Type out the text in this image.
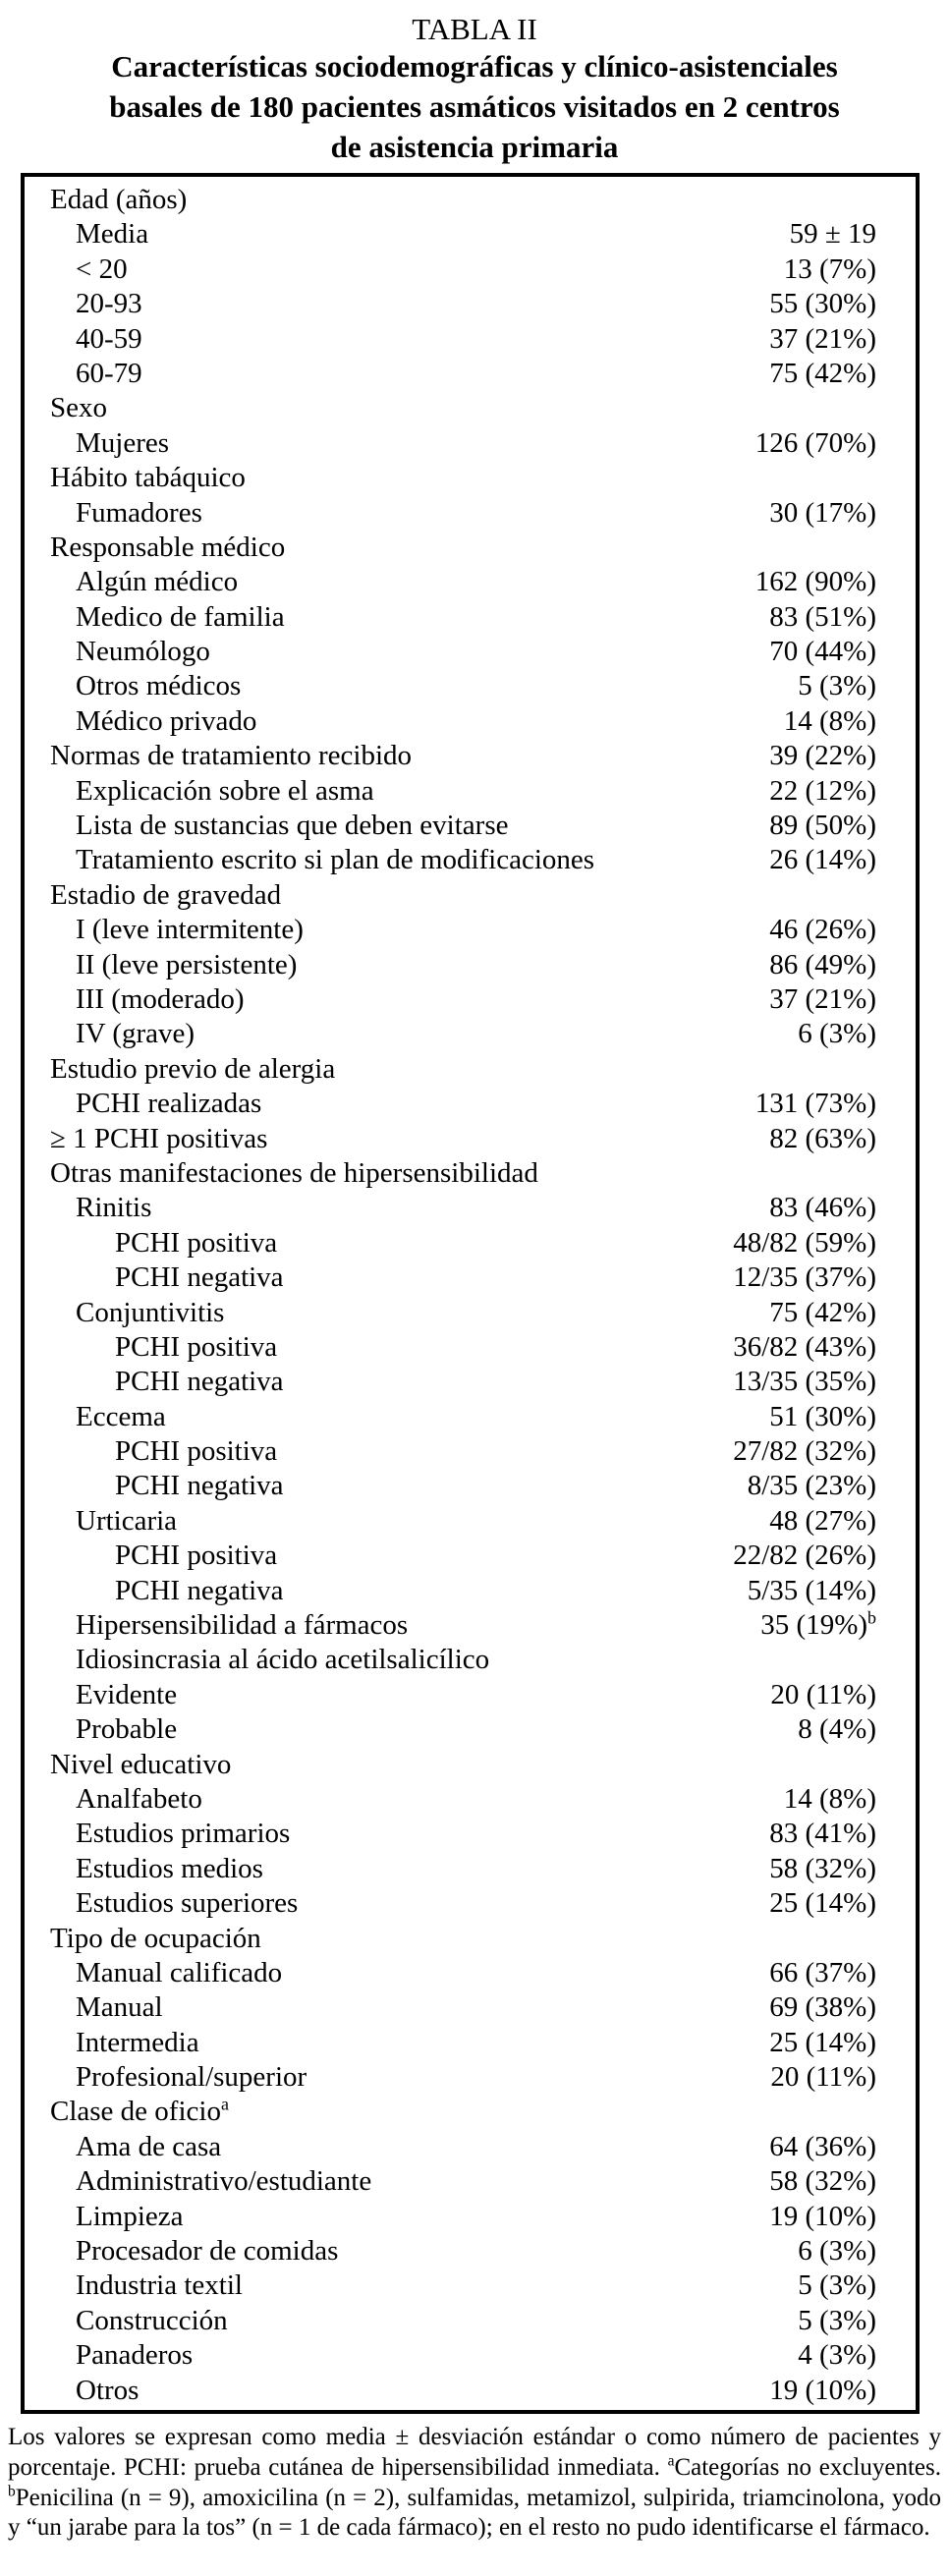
TABLA II
Características sociodemográficas y clínico-asistenciales
basales de 180 pacientes asmáticos visitados en 2 centros
de asistencia primaria
Edad (años)
Media	59 ± 19
< 20	13 (7%)
20-93	55 (30%)
40-59	37 (21%)
60-79	75 (42%)
Sexo
Mujeres	126 (70%)
Hábito tabáquico
Fumadores	30 (17%)
Responsable médico
Algún médico	162 (90%)
Medico de familia	83 (51%)
Neumólogo	70 (44%)
Otros médicos	5 (3%)
Médico privado	14 (8%)
Normas de tratamiento recibido	39 (22%)
Explicación sobre el asma	22 (12%)
Lista de sustancias que deben evitarse	89 (50%)
Tratamiento escrito si plan de modificaciones	26 (14%)
Estadio de gravedad
I (leve intermitente)	46 (26%)
II (leve persistente)	86 (49%)
III (moderado)	37 (21%)
IV (grave)	6 (3%)
Estudio previo de alergia
PCHI realizadas	131 (73%)
≥ 1 PCHI positivas	82 (63%)
Otras manifestaciones de hipersensibilidad
Rinitis	83 (46%)
PCHI positiva	48/82 (59%)
PCHI negativa	12/35 (37%)
Conjuntivitis	75 (42%)
PCHI positiva	36/82 (43%)
PCHI negativa	13/35 (35%)
Eccema	51 (30%)
PCHI positiva	27/82 (32%)
PCHI negativa	8/35 (23%)
Urticaria	48 (27%)
PCHI positiva	22/82 (26%)
PCHI negativa	5/35 (14%)
Hipersensibilidad a fármacos	35 $(19\%)^b$
Idiosincrasia al ácido acetilsalicílico
Evidente	20 (11%)
Probable	8 (4%)
Nivel educativo
Analfabeto	14 (8%)
Estudios primarios	83 (41%)
Estudios medios	58 (32%)
Estudios superiores	25 (14%)
Tipo de ocupación
Manual calificado	66 (37%)
Manual	69 (38%)
Intermedia	25 (14%)
Profesional/superior	20 (11%)
Clase de oficio$^a$
Ama de casa	64 (36%)
Administrativo/estudiante	58 (32%)
Limpieza	19 (10%)
Procesador de comidas	6 (3%)
Industria textil	5 (3%)
Construcción	5 (3%)
Panaderos	4 (3%)
Otros	19 (10%)
Los valores se expresan como media ± desviación estándar o como número de pacientes y porcentaje. PCHI: prueba cutánea de hipersensibilidad inmediata. $^a$Categorías no excluyentes. $^b$Penicilina (n = 9), amoxicilina (n = 2), sulfamidas, metamizol, sulpirida, triamcinolona, yodo y “un jarabe para la tos” (n = 1 de cada fármaco); en el resto no pudo identificarse el fármaco.
